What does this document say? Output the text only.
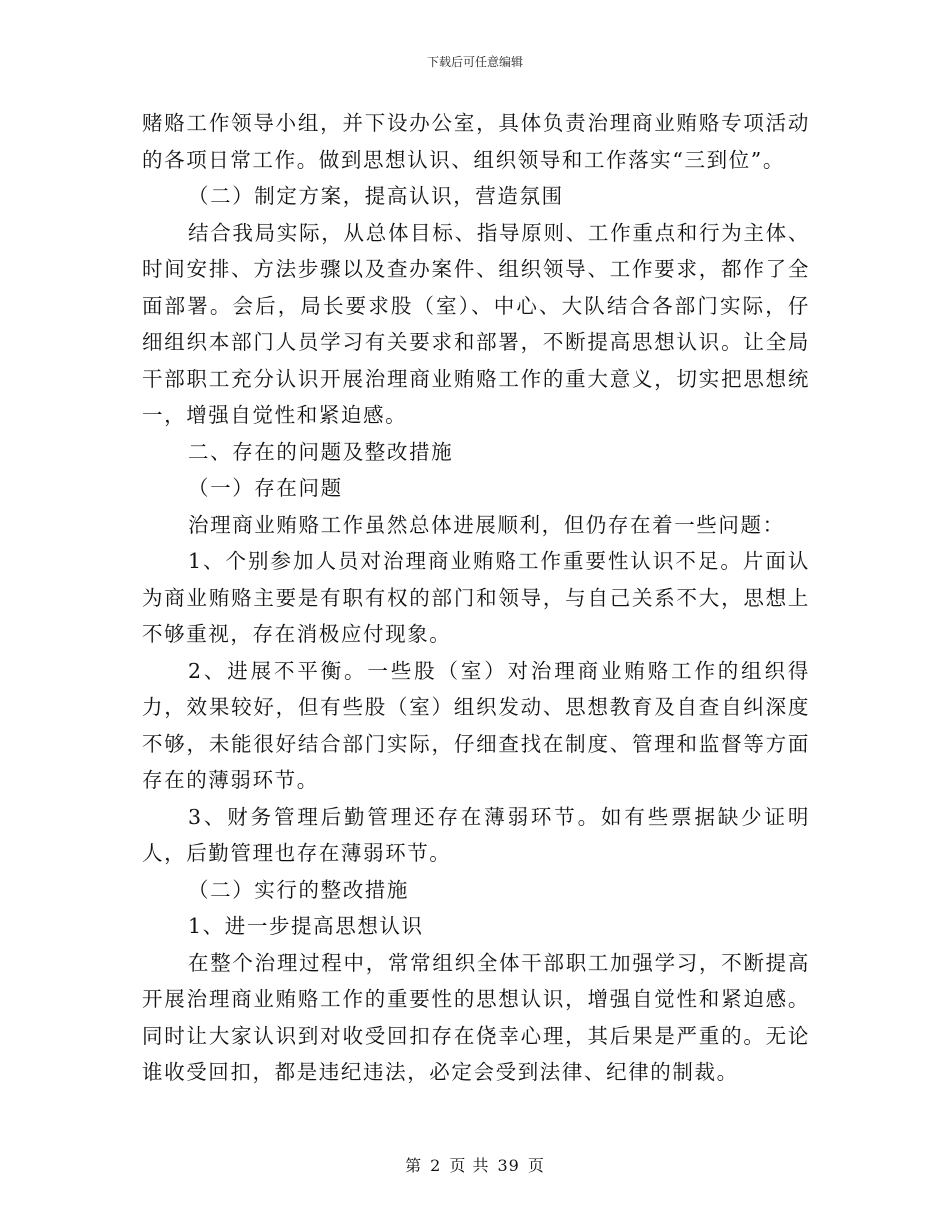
下载后可任意编辑

赌赂工作领导小组，并下设办公室，具体负责治理商业贿赂专项活动的各项日常工作。做到思想认识、组织领导和工作落实“三到位”。

（二）制定方案，提高认识，营造氛围

结合我局实际，从总体目标、指导原则、工作重点和行为主体、时间安排、方法步骤以及查办案件、组织领导、工作要求，都作了全面部署。会后，局长要求股（室）、中心、大队结合各部门实际，仔细组织本部门人员学习有关要求和部署，不断提高思想认识。让全局干部职工充分认识开展治理商业贿赂工作的重大意义，切实把思想统一，增强自觉性和紧迫感。

二、存在的问题及整改措施

（一）存在问题

治理商业贿赂工作虽然总体进展顺利，但仍存在着一些问题：

1、个别参加人员对治理商业贿赂工作重要性认识不足。片面认为商业贿赂主要是有职有权的部门和领导，与自己关系不大，思想上不够重视，存在消极应付现象。

2、进展不平衡。一些股（室）对治理商业贿赂工作的组织得力，效果较好，但有些股（室）组织发动、思想教育及自查自纠深度不够，未能很好结合部门实际，仔细查找在制度、管理和监督等方面存在的薄弱环节。

3、财务管理后勤管理还存在薄弱环节。如有些票据缺少证明人，后勤管理也存在薄弱环节。

（二）实行的整改措施

1、进一步提高思想认识

在整个治理过程中，常常组织全体干部职工加强学习，不断提高开展治理商业贿赂工作的重要性的思想认识，增强自觉性和紧迫感。同时让大家认识到对收受回扣存在侥幸心理，其后果是严重的。无论谁收受回扣，都是违纪违法，必定会受到法律、纪律的制裁。

第 2 页 共 39 页
